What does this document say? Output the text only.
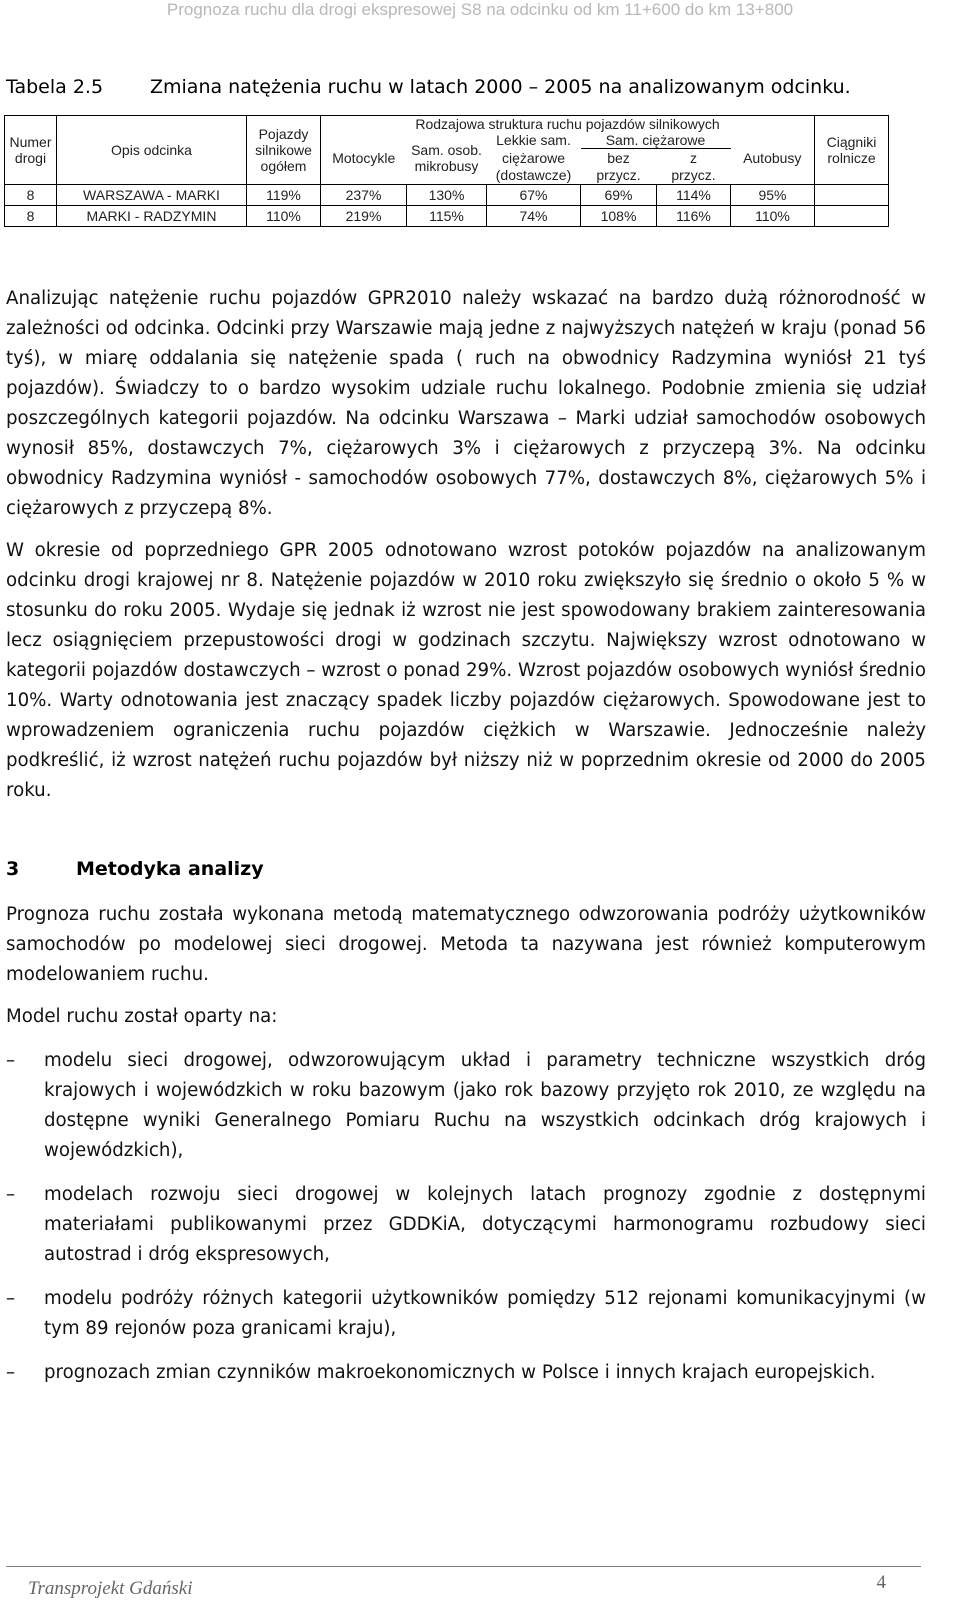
Prognoza ruchu dla drogi ekspresowej S8 na odcinku od km 11+600 do km 13+800
Tabela 2.5 Zmiana natężenia ruchu w latach 2000 – 2005 na analizowanym odcinku.
Numer drogi	Opis odcinka	Pojazdy silnikowe ogółem	Rodzajowa struktura ruchu pojazdów silnikowych						Ciągniki rolnicze
			Motocykle	Sam. osob. mikrobusy	Lekkie sam.	Sam. ciężarowe		Autobusy	
					ciężarowe	bez	z		
					(dostawcze)	przycz.	przycz.		
8	WARSZAWA - MARKI	119%	237%	130%	67%	69%	114%	95%	
8	MARKI - RADZYMIN	110%	219%	115%	74%	108%	116%	110%	

Analizując natężenie ruchu pojazdów GPR2010 należy wskazać na bardzo dużą różnorodność w zależności od odcinka. Odcinki przy Warszawie mają jedne z najwyższych natężeń w kraju (ponad 56 tyś), w miarę oddalania się natężenie spada ( ruch na obwodnicy Radzymina wyniósł 21 tyś pojazdów). Świadczy to o bardzo wysokim udziale ruchu lokalnego. Podobnie zmienia się udział poszczególnych kategorii pojazdów. Na odcinku Warszawa – Marki udział samochodów osobowych wynosił 85%, dostawczych 7%, ciężarowych 3% i ciężarowych z przyczepą 3%. Na odcinku obwodnicy Radzymina wyniósł - samochodów osobowych 77%, dostawczych 8%, ciężarowych 5% i ciężarowych z przyczepą 8%.

W okresie od poprzedniego GPR 2005 odnotowano wzrost potoków pojazdów na analizowanym odcinku drogi krajowej nr 8. Natężenie pojazdów w 2010 roku zwiększyło się średnio o około 5 % w stosunku do roku 2005. Wydaje się jednak iż wzrost nie jest spowodowany brakiem zainteresowania lecz osiągnięciem przepustowości drogi w godzinach szczytu. Największy wzrost odnotowano w kategorii pojazdów dostawczych – wzrost o ponad 29%. Wzrost pojazdów osobowych wyniósł średnio 10%. Warty odnotowania jest znaczący spadek liczby pojazdów ciężarowych. Spowodowane jest to wprowadzeniem ograniczenia ruchu pojazdów ciężkich w Warszawie. Jednocześnie należy podkreślić, iż wzrost natężeń ruchu pojazdów był niższy niż w poprzednim okresie od 2000 do 2005 roku.

3	Metodyka analizy

Prognoza ruchu została wykonana metodą matematycznego odwzorowania podróży użytkowników samochodów po modelowej sieci drogowej. Metoda ta nazywana jest również komputerowym modelowaniem ruchu.

Model ruchu został oparty na:

– modelu sieci drogowej, odwzorowującym układ i parametry techniczne wszystkich dróg krajowych i wojewódzkich w roku bazowym (jako rok bazowy przyjęto rok 2010, ze względu na dostępne wyniki Generalnego Pomiaru Ruchu na wszystkich odcinkach dróg krajowych i wojewódzkich),
– modelach rozwoju sieci drogowej w kolejnych latach prognozy zgodnie z dostępnymi materiałami publikowanymi przez GDDKiA, dotyczącymi harmonogramu rozbudowy sieci autostrad i dróg ekspresowych,
– modelu podróży różnych kategorii użytkowników pomiędzy 512 rejonami komunikacyjnymi (w tym 89 rejonów poza granicami kraju),
– prognozach zmian czynników makroekonomicznych w Polsce i innych krajach europejskich.
Transprojekt Gdański	4
